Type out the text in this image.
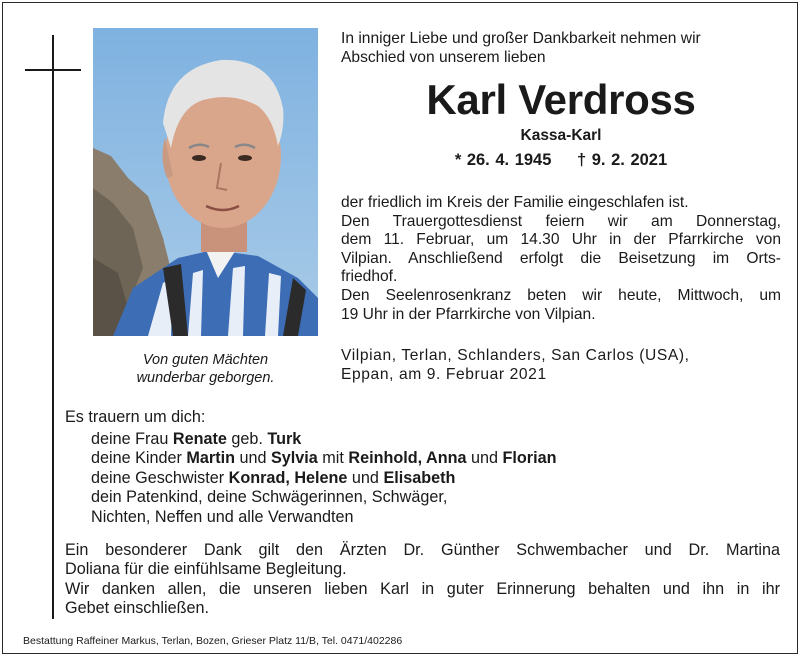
Von guten Mächten
wunderbar geborgen.
In inniger Liebe und großer Dankbarkeit nehmen wir
Abschied von unserem lieben
Karl Verdross
Kassa-Karl
* 26. 4. 1945 † 9. 2. 2021
der friedlich im Kreis der Familie eingeschlafen ist.
Den Trauergottesdienst feiern wir am Donnerstag,
dem 11. Februar, um 14.30 Uhr in der Pfarrkirche von
Vilpian. Anschließend erfolgt die Beisetzung im Orts-
friedhof.
Den Seelenrosenkranz beten wir heute, Mittwoch, um
19 Uhr in der Pfarrkirche von Vilpian.
Vilpian, Terlan, Schlanders, San Carlos (USA),
Eppan, am 9. Februar 2021
Es trauern um dich:
deine Frau Renate geb. Turk
deine Kinder Martin und Sylvia mit Reinhold, Anna und Florian
deine Geschwister Konrad, Helene und Elisabeth
dein Patenkind, deine Schwägerinnen, Schwäger,
Nichten, Neffen und alle Verwandten
Ein besonderer Dank gilt den Ärzten Dr. Günther Schwembacher und Dr. Martina
Doliana für die einfühlsame Begleitung.
Wir danken allen, die unseren lieben Karl in guter Erinnerung behalten und ihn in ihr
Gebet einschließen.
Bestattung Raffeiner Markus, Terlan, Bozen, Grieser Platz 11/B, Tel. 0471/402286
